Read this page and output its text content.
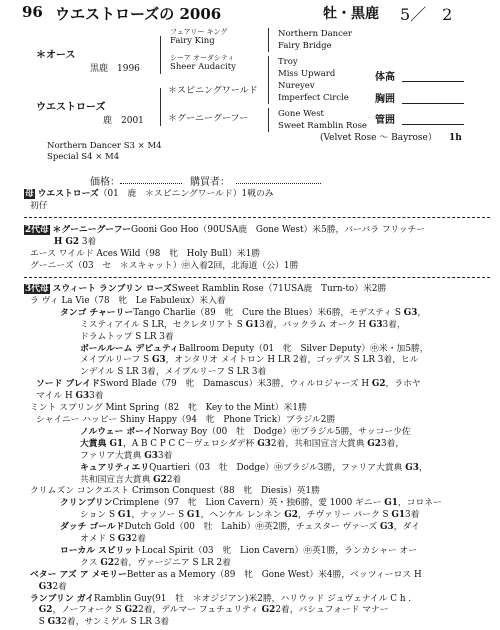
96 ウエストローズの 2006	牡・黒鹿 5／　2
＊オース
黒鹿　1996
フェアリー キング
Fairy King
シーア オーダシティ
Sheer Audacity
Northern Dancer
Fairy Bridge
Troy
Miss Upward
ウエストローズ
鹿　2001
＊スピニングワールド
＊グーニーグーフー
Nureyev
Imperfect Circle
Gone West
Sweet Ramblin Rose
(Velvet Rose ～ Bayrose） 1h
Northern Dancer S3 × M4
Special S4 × M4
体高
胸囲
管囲
価格：	購買者：
母 ウエストローズ（01　鹿　＊スピニングワールド）1戦のみ
初仔
2代母 ＊グーニーグーフーGooni Goo Hoo（90USA鹿　Gone West）米5勝，バーバラ フリッチー
H G2 3着
エース ワイルド Aces Wild（98　牝　Holy Bull）米1勝
グーニーズ（03　セ　＊スキャット）㊥入着2回，北海道（公）1勝
3代母 スウィート ランブリン ローズSweet Ramblin Rose（71USA鹿　Turn-to）米2勝
ラ ヴィ La Vie（78　牝　Le Fabuleux）米入着
タンゴ チャーリーTango Charlie（89　牝　Cure the Blues）米6勝，モデスティ S G3，
ミスティアイル S LR，セクレタリアト S G13着，バックラム オーク H G33着，
ドラムトップ S LR 3着
ボールルーム デピュティBallroom Deputy（01　牝　Silver Deputy）㊥米・加5勝，
メイプルリーフ S G3，オンタリオ メイトロン H LR 2着，ゴッデス S LR 3着，ヒル
ンデイル S LR 3着，メイプルリーフ S LR 3着
ソード ブレイドSword Blade（79　牝　Damascus）米3勝，ウィルロジャーズ H G2，ラホヤ
マイル H G33着
ミント スプリング Mint Spring（82　牝　Key to the Mint）米1勝
シャイニー ハッピー Shiny Happy（94　牝　Phone Trick）ブラジル2勝
ノルウェー ボーイNorway Boy（00　牡　Dodge）㊥ブラジル5勝，サッコー少佐
大賞典 G1，A B C P C C－ヴェロシダデ杯 G32着，共和国宣言大賞典 G23着，
ファリア大賞典 G33着
キュアリティエリQuartieri（03　牡　Dodge）㊥ブラジル3勝，ファリア大賞典 G3，
共和国宣言大賞典 G22着
クリムズン コンクエスト Crimson Conquest（88　牝　Diesis）英1勝
クリンプリンCrimplene（97　牝　Lion Cavern）英・独6勝，愛 1000 ギニー G1，コロネー
ション S G1，ナッソー S G1，ヘンケル レンネン G2，チヴァリー パーク S G13着
ダッチ ゴールドDutch Gold（00　牡　Lahib）㊥英2勝，チェスター ヴァーズ G3，ダイ
オメド S G32着
ローカル スピリットLocal Spirit（03　牝　Lion Cavern）㊥英1勝，ランカシャー オー
クス G22着，ヴァージニア S LR 2着
ベター アズ ア メモリーBetter as a Memory（89　牝　Gone West）米4勝，ベッツィーロス H
　G32着
ランブリン ガイRamblin Guy(91　牡　＊オジジアン)米2勝，ハリウッド ジュヴェナイル C h .
　G2，ノーフォーク S G22着，デルマー フュチュリティ G22着，バシュフォード マナー
　S G32着，サンミゲル S LR 3着
